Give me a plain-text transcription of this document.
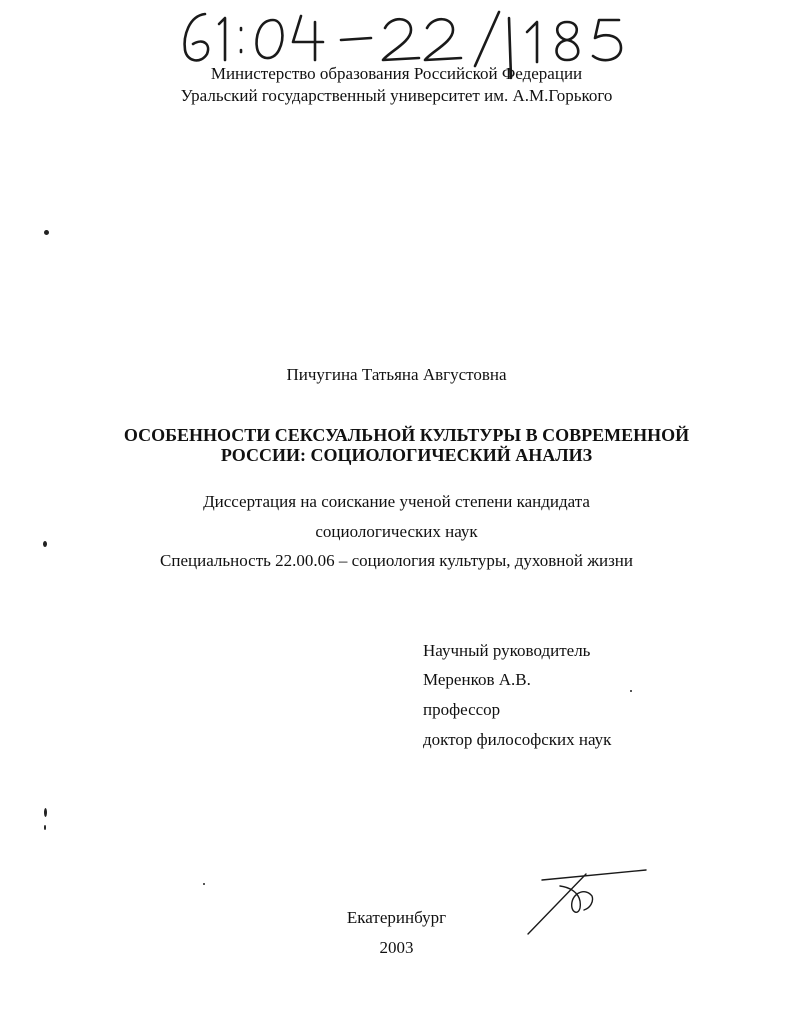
Министерство образования Российской Федерации
Уральский государственный университет им. А.М.Горького
Пичугина Татьяна Августовна
ОСОБЕННОСТИ СЕКСУАЛЬНОЙ КУЛЬТУРЫ В СОВРЕМЕННОЙ
РОССИИ: СОЦИОЛОГИЧЕСКИЙ АНАЛИЗ
Диссертация на соискание ученой степени кандидата
социологических наук
Специальность 22.00.06 – социология культуры, духовной жизни
Научный руководитель
Меренков А.В.
профессор
доктор философских наук
Екатеринбург
2003
